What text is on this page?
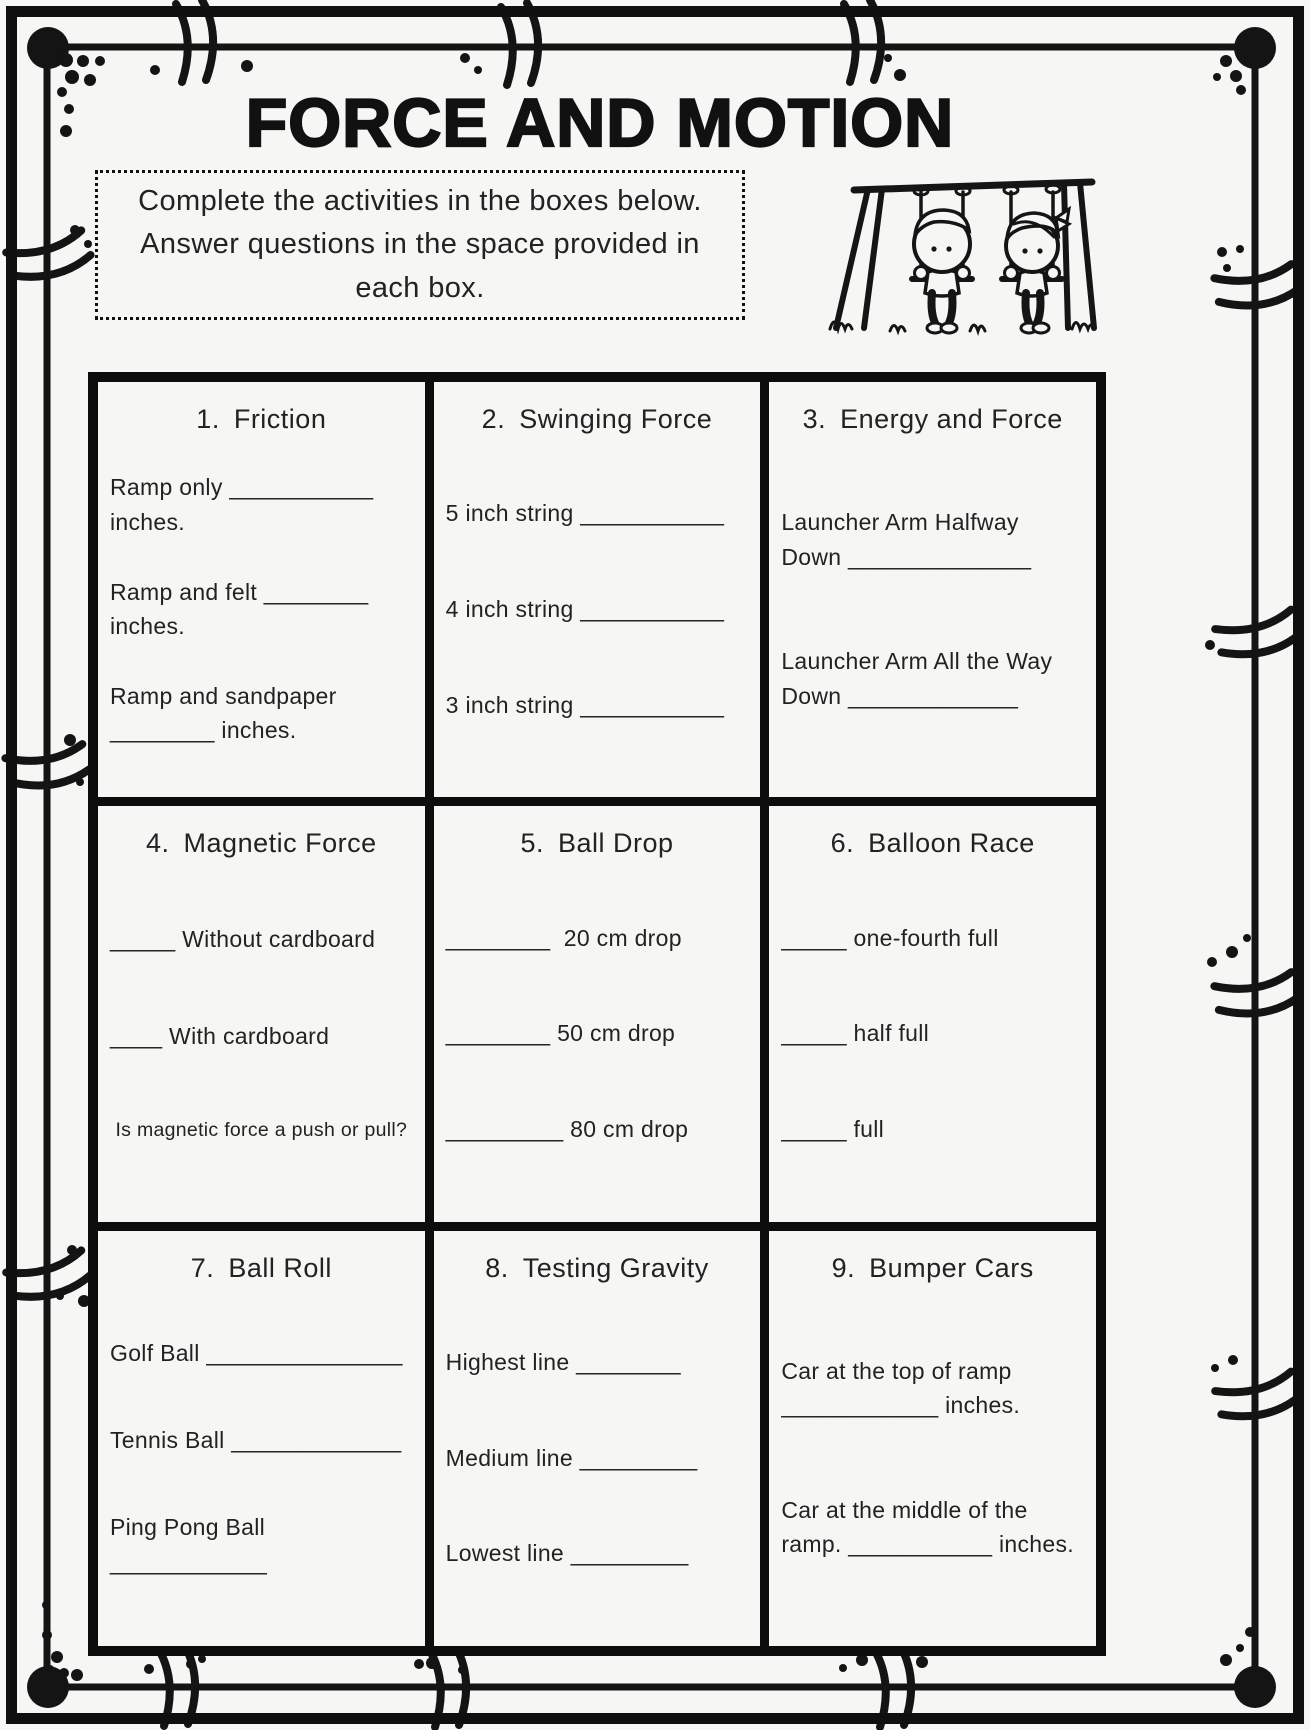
FORCE AND MOTION
Complete the activities in the boxes below. Answer questions in the space provided in each box.
1. Friction
Ramp only ___________ inches.
Ramp and felt ________ inches.
Ramp and sandpaper ________ inches.
2. Swinging Force
5 inch string ___________
4 inch string ___________
3 inch string ___________
3. Energy and Force
Launcher Arm Halfway Down ______________
Launcher Arm All the Way Down _____________
4. Magnetic Force
_____ Without cardboard
____ With cardboard
Is magnetic force a push or pull?
5. Ball Drop
________  20 cm drop
________ 50 cm drop
_________ 80 cm drop
6. Balloon Race
_____ one-fourth full
_____ half full
_____ full
7. Ball Roll
Golf Ball _______________
Tennis Ball _____________
Ping Pong Ball ____________
8. Testing Gravity
Highest line ________
Medium line _________
Lowest line _________
9. Bumper Cars
Car at the top of ramp ____________ inches.
Car at the middle of the ramp. ___________ inches.
